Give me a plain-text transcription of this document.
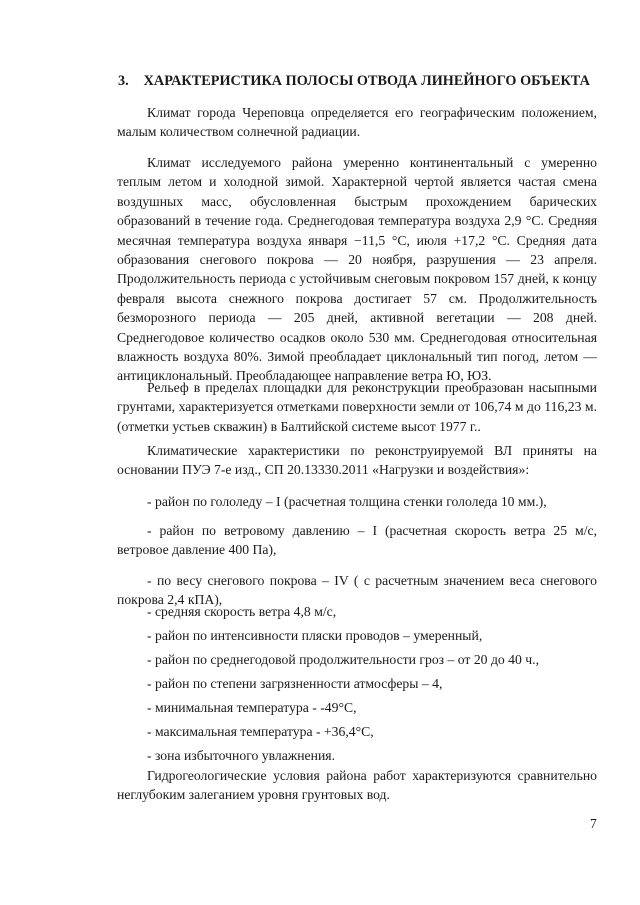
3. ХАРАКТЕРИСТИКА ПОЛОСЫ ОТВОДА ЛИНЕЙНОГО ОБЪЕКТА

Климат города Череповца определяется его географическим положением, малым количеством солнечной радиации.

Климат исследуемого района умеренно континентальный с умеренно теплым летом и холодной зимой. Характерной чертой является частая смена воздушных масс, обусловленная быстрым прохождением барических образований в течение года. Среднегодовая температура воздуха 2,9 °С. Средняя месячная температура воздуха января −11,5 °С, июля +17,2 °С. Средняя дата образования снегового покрова — 20 ноября, разрушения — 23 апреля. Продолжительность периода с устойчивым снеговым покровом 157 дней, к концу февраля высота снежного покрова достигает 57 см. Продолжительность безморозного периода — 205 дней, активной вегетации — 208 дней. Среднегодовое количество осадков около 530 мм. Среднегодовая относительная влажность воздуха 80%. Зимой преобладает циклональный тип погод, летом — антициклональный. Преобладающее направление ветра Ю, ЮЗ.

Рельеф в пределах площадки для реконструкции преобразован насыпными грунтами, характеризуется отметками поверхности земли от 106,74 м до 116,23 м. (отметки устьев скважин) в Балтийской системе высот 1977 г..

Климатические характеристики по реконструируемой ВЛ приняты на основании ПУЭ 7-е изд., СП 20.13330.2011 «Нагрузки и воздействия»:

- район по гололеду – I (расчетная толщина стенки гололеда 10 мм.),

- район по ветровому давлению – I (расчетная скорость ветра 25 м/с, ветровое давление 400 Па),

- по весу снегового покрова – IV ( с расчетным значением веса снегового покрова 2,4 кПА),

- средняя скорость ветра 4,8 м/с,

- район по интенсивности пляски проводов – умеренный,

- район по среднегодовой продолжительности гроз – от 20 до 40 ч.,

- район по степени загрязненности атмосферы – 4,

- минимальная температура - -49°С,

- максимальная температура - +36,4°С,

- зона избыточного увлажнения.

Гидрогеологические условия района работ характеризуются сравнительно неглубоким залеганием уровня грунтовых вод.

7
